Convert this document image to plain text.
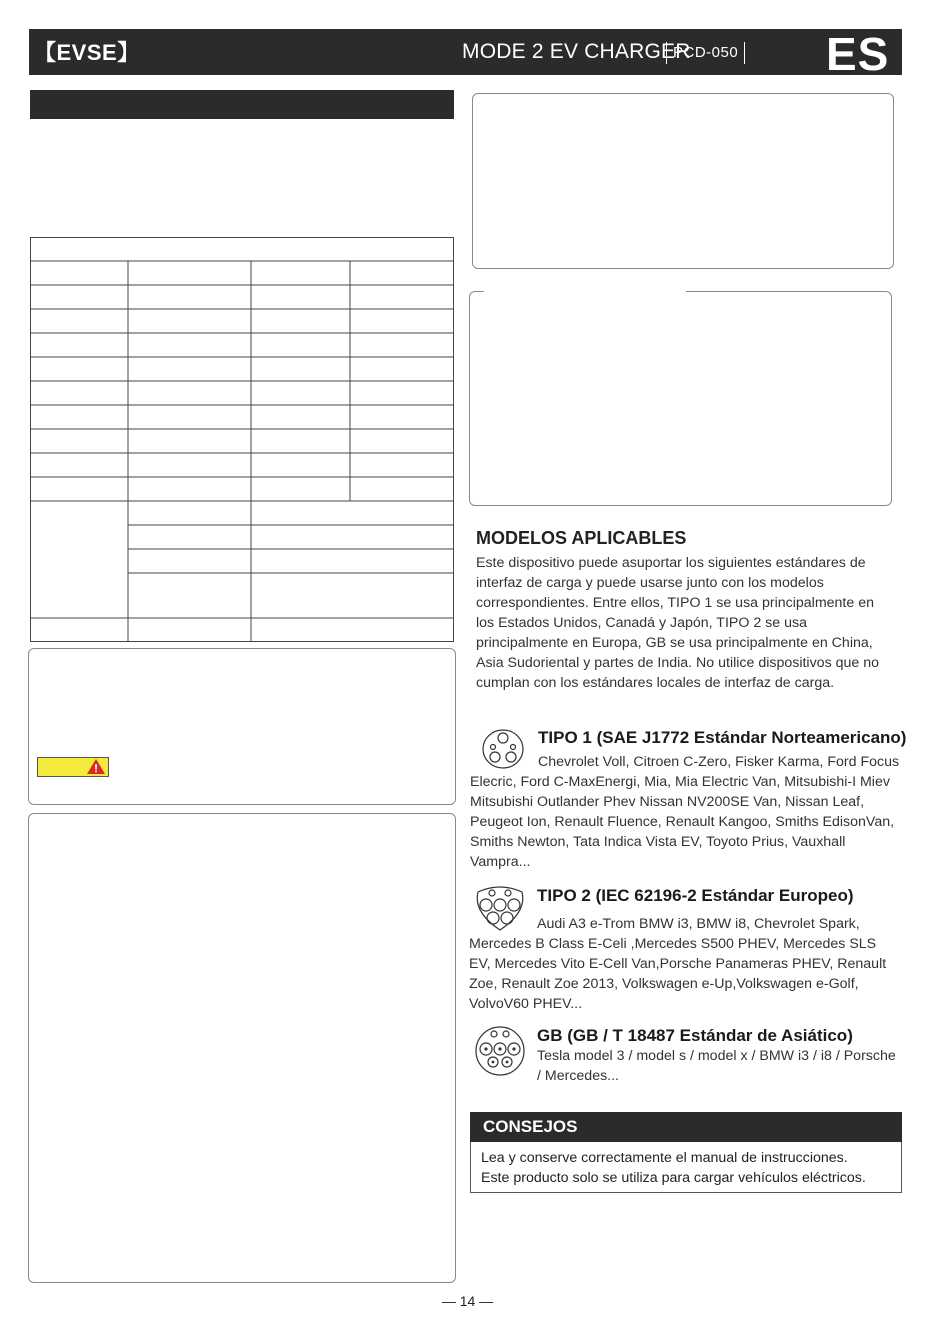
【EVSE】	MODE 2 EV CHARGER
PCD-050 ES
MODELOS APLICABLES

Este dispositivo puede asuportar los siguientes estándares de interfaz de carga y puede usarse junto con los modelos correspondientes. Entre ellos, TIPO 1 se usa principalmente en los Estados Unidos, Canadá y Japón, TIPO 2 se usa principalmente en Europa, GB se usa principalmente en China, Asia Sudoriental y partes de India. No utilice dispositivos que no cumplan con los estándares locales de interfaz de carga.

TIPO 1 (SAE J1772 Estándar Norteamericano)

Chevrolet Voll, Citroen C-Zero, Fisker Karma, Ford Focus Elecric, Ford C-MaxEnergi, Mia, Mia Electric Van, Mitsubishi-I Miev Mitsubishi Outlander Phev Nissan NV200SE Van, Nissan Leaf, Peugeot Ion, Renault Fluence, Renault Kangoo, Smiths EdisonVan, Smiths Newton, Tata Indica Vista EV, Toyoto Prius, Vauxhall Vampra...

TIPO 2 (IEC 62196-2 Estándar Europeo)

Audi A3 e-Trom BMW i3, BMW i8, Chevrolet Spark, Mercedes B Class E-Celi ,Mercedes S500 PHEV, Mercedes SLS EV, Mercedes Vito E-Cell Van,Porsche Panameras PHEV, Renault Zoe, Renault Zoe 2013, Volkswagen e-Up,Volkswagen e-Golf, VolvoV60 PHEV...

GB (GB / T 18487 Estándar de Asiático)

Tesla model 3 / model s / model x / BMW i3 / i8 / Porsche / Mercedes...

CONSEJOS
Lea y conserve correctamente el manual de instrucciones.
Este producto solo se utiliza para cargar vehículos eléctricos.
— 14 —
